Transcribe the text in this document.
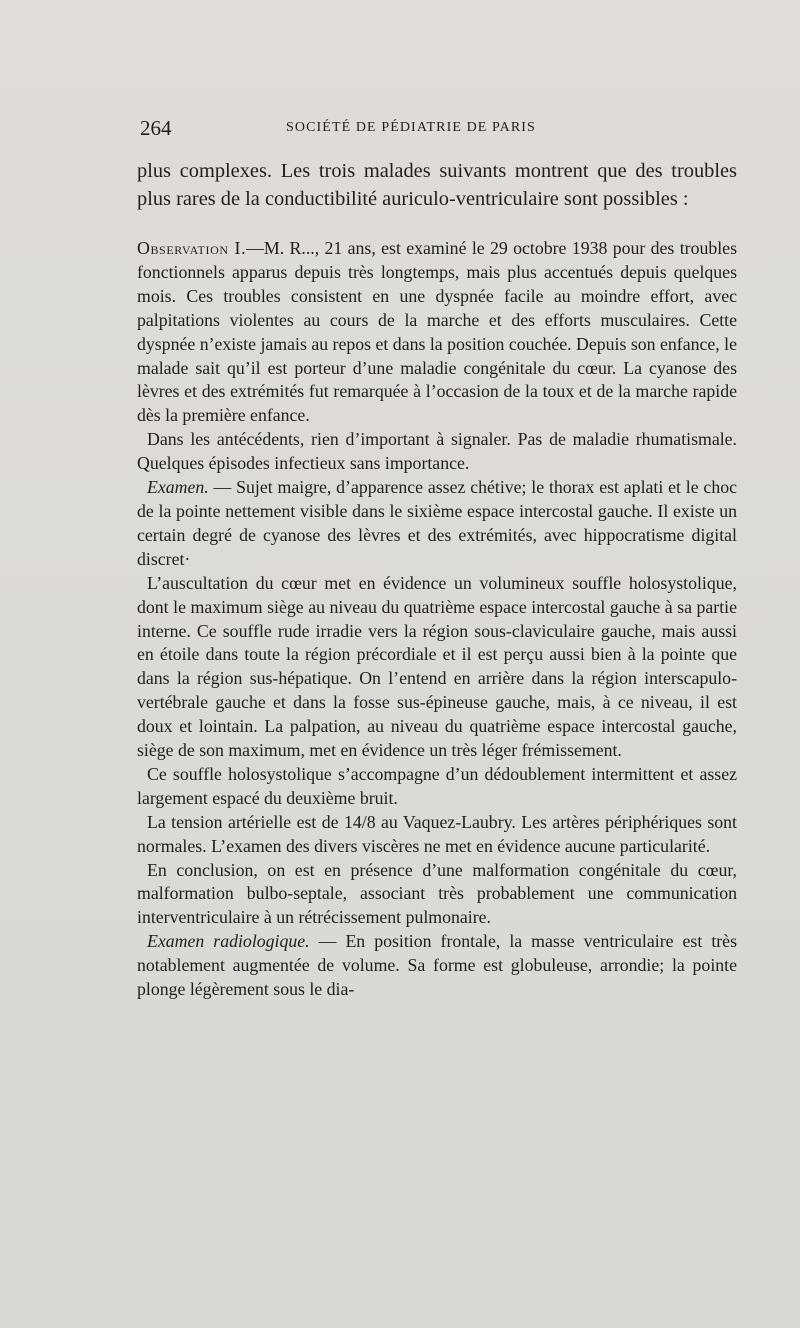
264	SOCIÉTÉ DE PÉDIATRIE DE PARIS

plus complexes. Les trois malades suivants montrent que des troubles plus rares de la conductibilité auriculo-ventriculaire sont possibles :

Observation I.—M. R..., 21 ans, est examiné le 29 octobre 1938 pour des troubles fonctionnels apparus depuis très longtemps, mais plus accentués depuis quelques mois. Ces troubles consistent en une dyspnée facile au moindre effort, avec palpitations violentes au cours de la marche et des efforts musculaires. Cette dyspnée n’existe jamais au repos et dans la position couchée. Depuis son enfance, le malade sait qu’il est porteur d’une maladie congénitale du cœur. La cyanose des lèvres et des extrémités fut remarquée à l’occasion de la toux et de la marche rapide dès la première enfance.

Dans les antécédents, rien d’important à signaler. Pas de maladie rhumatismale. Quelques épisodes infectieux sans importance.

Examen. — Sujet maigre, d’apparence assez chétive; le thorax est aplati et le choc de la pointe nettement visible dans le sixième espace intercostal gauche. Il existe un certain degré de cyanose des lèvres et des extrémités, avec hippocratisme digital discret·

L’auscultation du cœur met en évidence un volumineux souffle holosystolique, dont le maximum siège au niveau du quatrième espace intercostal gauche à sa partie interne. Ce souffle rude irradie vers la région sous-claviculaire gauche, mais aussi en étoile dans toute la région précordiale et il est perçu aussi bien à la pointe que dans la région sus-hépatique. On l’entend en arrière dans la région interscapulo-vertébrale gauche et dans la fosse sus-épineuse gauche, mais, à ce niveau, il est doux et lointain. La palpation, au niveau du quatrième espace intercostal gauche, siège de son maximum, met en évidence un très léger frémissement.

Ce souffle holosystolique s’accompagne d’un dédoublement intermittent et assez largement espacé du deuxième bruit.

La tension artérielle est de 14/8 au Vaquez-Laubry. Les artères périphériques sont normales. L’examen des divers viscères ne met en évidence aucune particularité.

En conclusion, on est en présence d’une malformation congénitale du cœur, malformation bulbo-septale, associant très probablement une communication interventriculaire à un rétrécissement pulmonaire.

Examen radiologique. — En position frontale, la masse ventriculaire est très notablement augmentée de volume. Sa forme est globuleuse, arrondie; la pointe plonge légèrement sous le dia-
